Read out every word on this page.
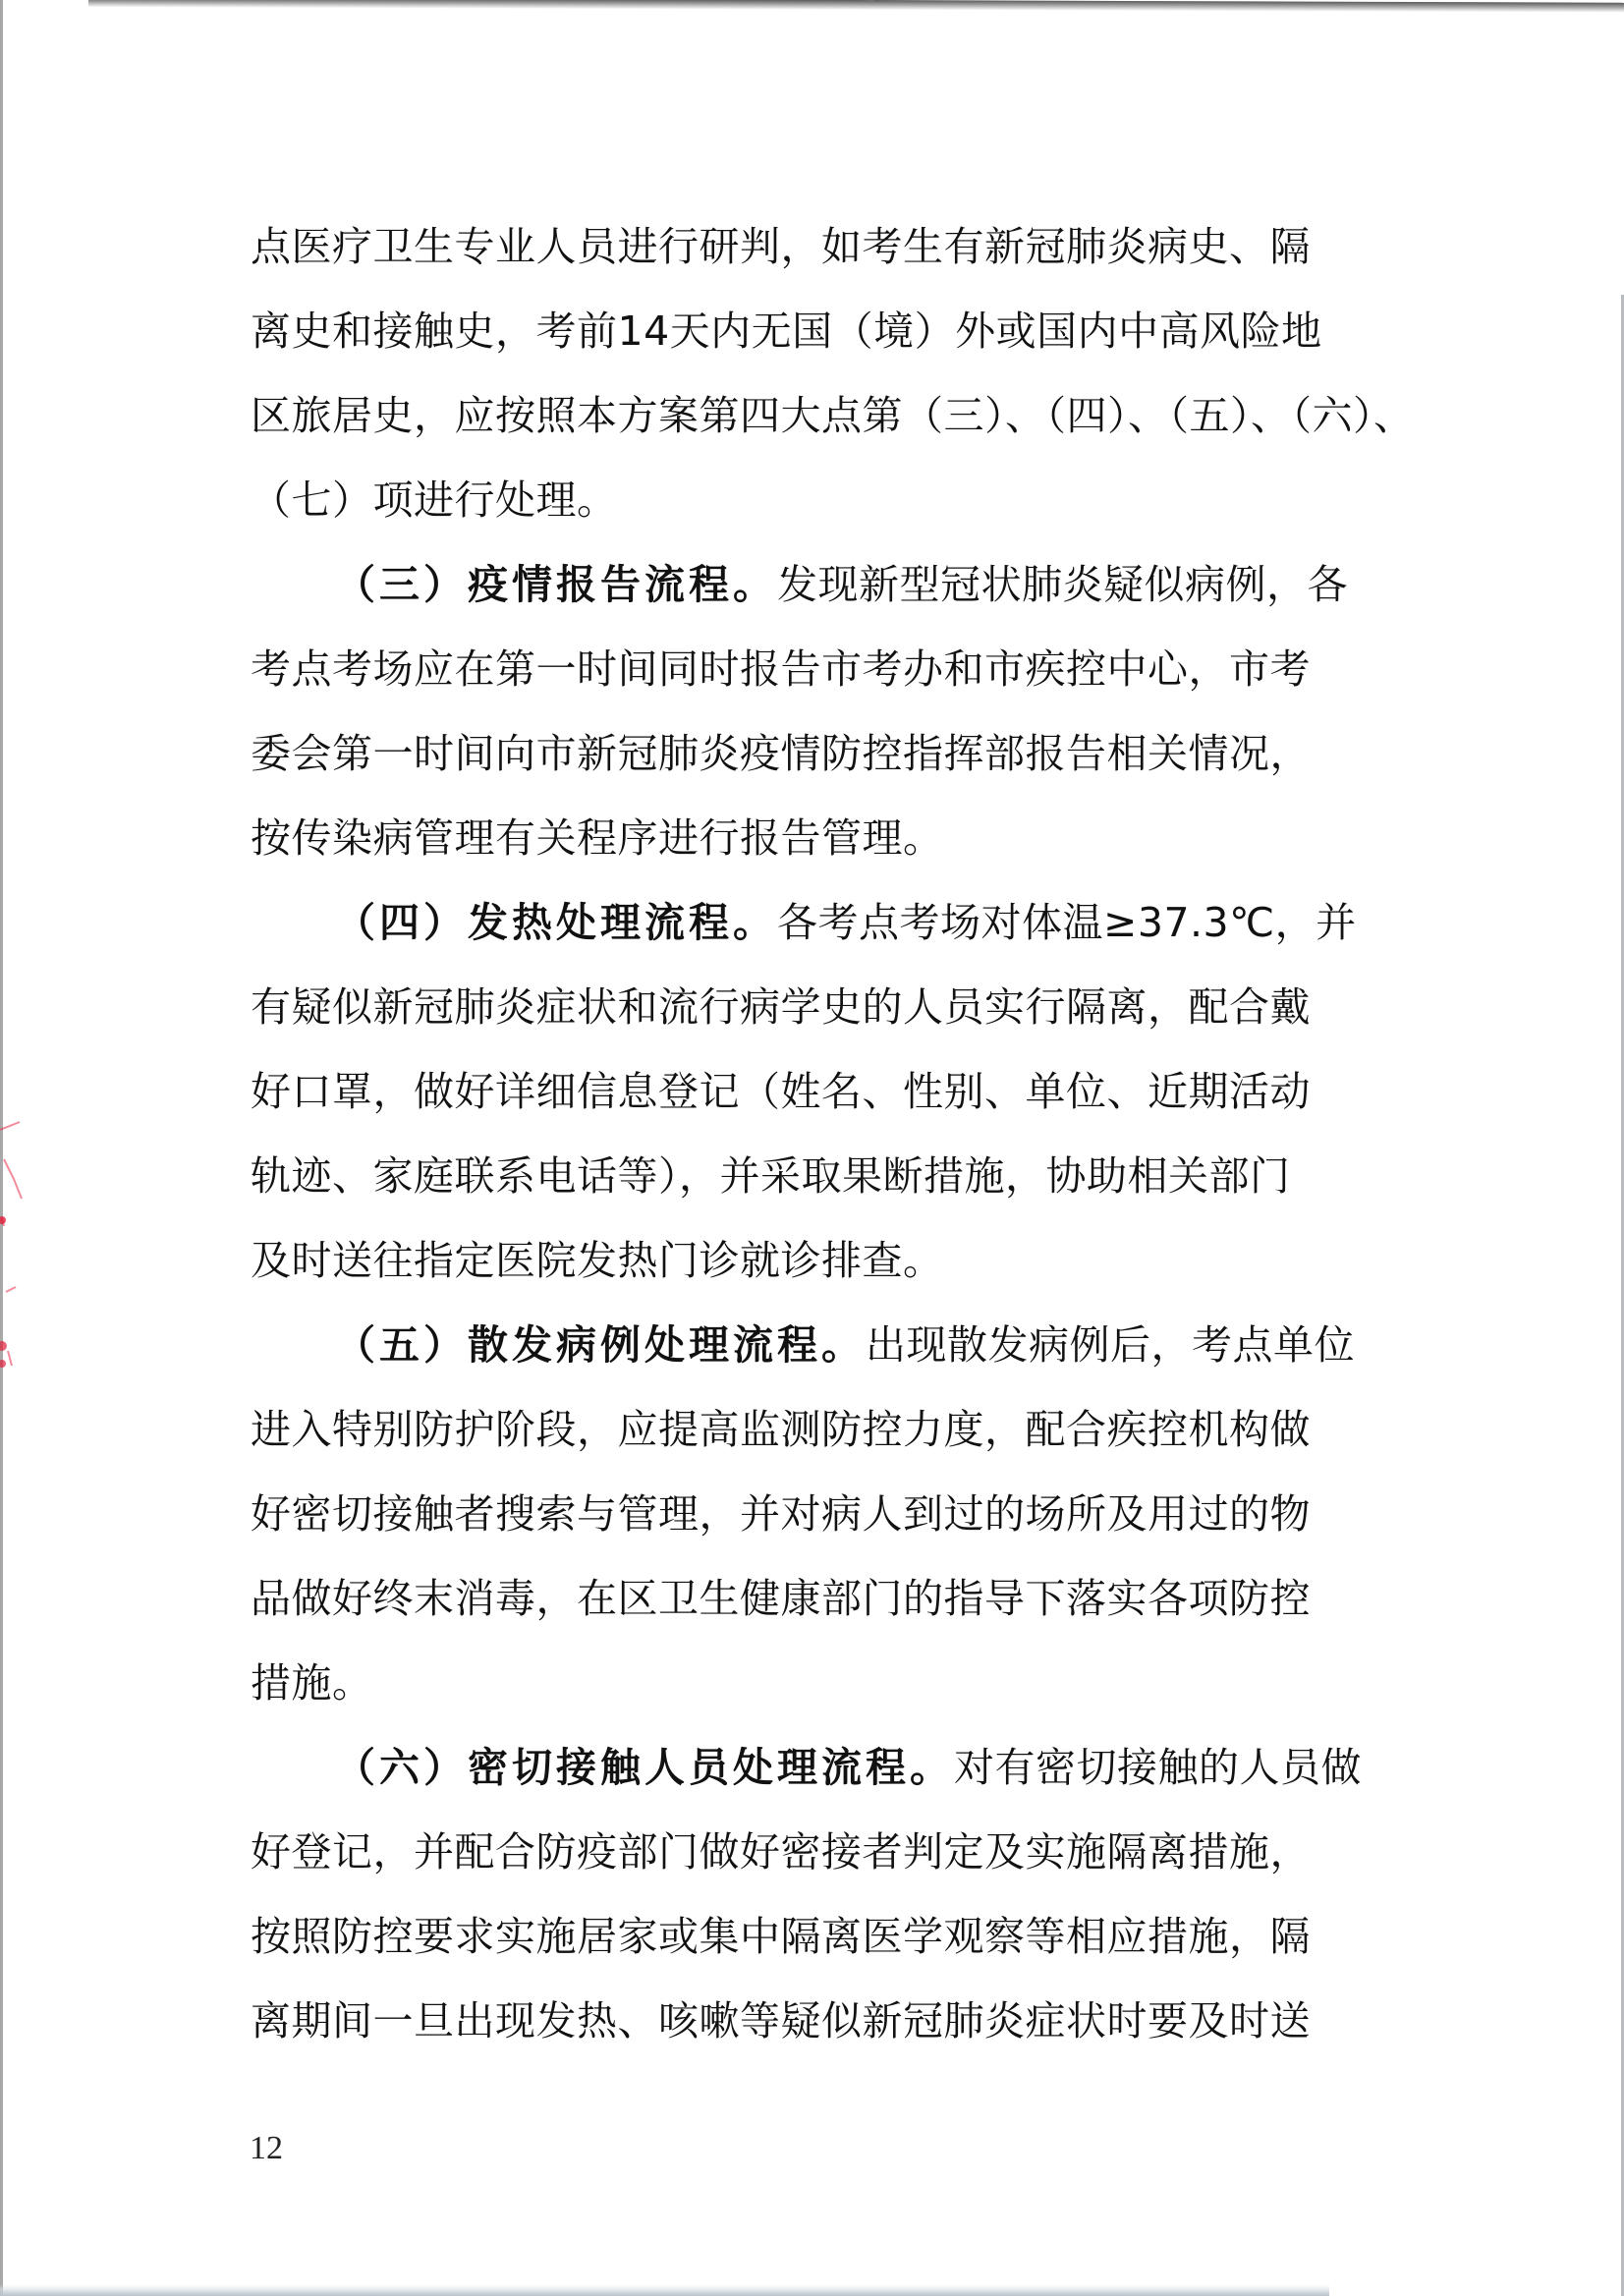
点医疗卫生专业人员进行研判，如考生有新冠肺炎病史、隔
离史和接触史，考前14天内无国（境）外或国内中高风险地
区旅居史，应按照本方案第四大点第（三）、（四）、（五）、（六）、
（七）项进行处理。
（三）疫情报告流程。发现新型冠状肺炎疑似病例，各
考点考场应在第一时间同时报告市考办和市疾控中心，市考
委会第一时间向市新冠肺炎疫情防控指挥部报告相关情况，
按传染病管理有关程序进行报告管理。
（四）发热处理流程。各考点考场对体温≥37.3℃，并
有疑似新冠肺炎症状和流行病学史的人员实行隔离，配合戴
好口罩，做好详细信息登记（姓名、性别、单位、近期活动
轨迹、家庭联系电话等），并采取果断措施，协助相关部门
及时送往指定医院发热门诊就诊排查。
（五）散发病例处理流程。出现散发病例后，考点单位
进入特别防护阶段，应提高监测防控力度，配合疾控机构做
好密切接触者搜索与管理，并对病人到过的场所及用过的物
品做好终末消毒，在区卫生健康部门的指导下落实各项防控
措施。
（六）密切接触人员处理流程。对有密切接触的人员做
好登记，并配合防疫部门做好密接者判定及实施隔离措施，
按照防控要求实施居家或集中隔离医学观察等相应措施，隔
离期间一旦出现发热、咳嗽等疑似新冠肺炎症状时要及时送
12
